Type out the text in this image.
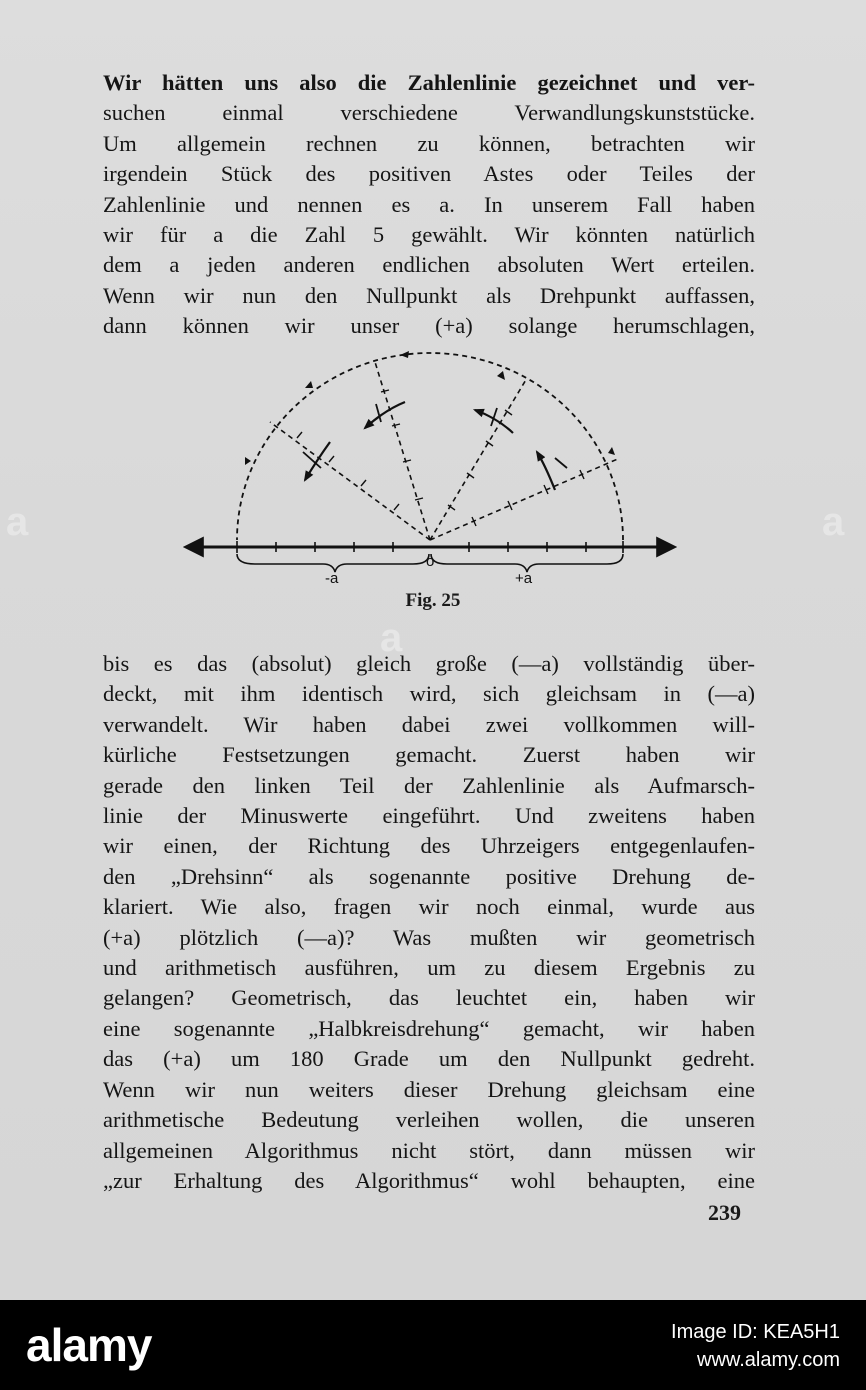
Wir hätten uns also die Zahlenlinie gezeichnet und ver-
suchen einmal verschiedene Verwandlungskunststücke.
Um allgemein rechnen zu können, betrachten wir
irgendein Stück des positiven Astes oder Teiles der
Zahlenlinie und nennen es a. In unserem Fall haben
wir für a die Zahl 5 gewählt. Wir könnten natürlich
dem a jeden anderen endlichen absoluten Wert erteilen.
Wenn wir nun den Nullpunkt als Drehpunkt auffassen,
dann können wir unser (+a) solange herumschlagen,

-a
o
+a
Fig. 25

bis es das (absolut) gleich große (—a) vollständig über-
deckt, mit ihm identisch wird, sich gleichsam in (—a)
verwandelt. Wir haben dabei zwei vollkommen will-
kürliche Festsetzungen gemacht. Zuerst haben wir
gerade den linken Teil der Zahlenlinie als Aufmarsch-
linie der Minuswerte eingeführt. Und zweitens haben
wir einen, der Richtung des Uhrzeigers entgegenlaufen-
den „Drehsinn“ als sogenannte positive Drehung de-
klariert. Wie also, fragen wir noch einmal, wurde aus
(+a) plötzlich (—a)? Was mußten wir geometrisch
und arithmetisch ausführen, um zu diesem Ergebnis zu
gelangen? Geometrisch, das leuchtet ein, haben wir
eine sogenannte „Halbkreisdrehung“ gemacht, wir haben
das (+a) um 180 Grade um den Nullpunkt gedreht.
Wenn wir nun weiters dieser Drehung gleichsam eine
arithmetische Bedeutung verleihen wollen, die unseren
allgemeinen Algorithmus nicht stört, dann müssen wir
„zur Erhaltung des Algorithmus“ wohl behaupten, eine

239
a
a	a
alamy	Image ID: KEA5H1
www.alamy.com
